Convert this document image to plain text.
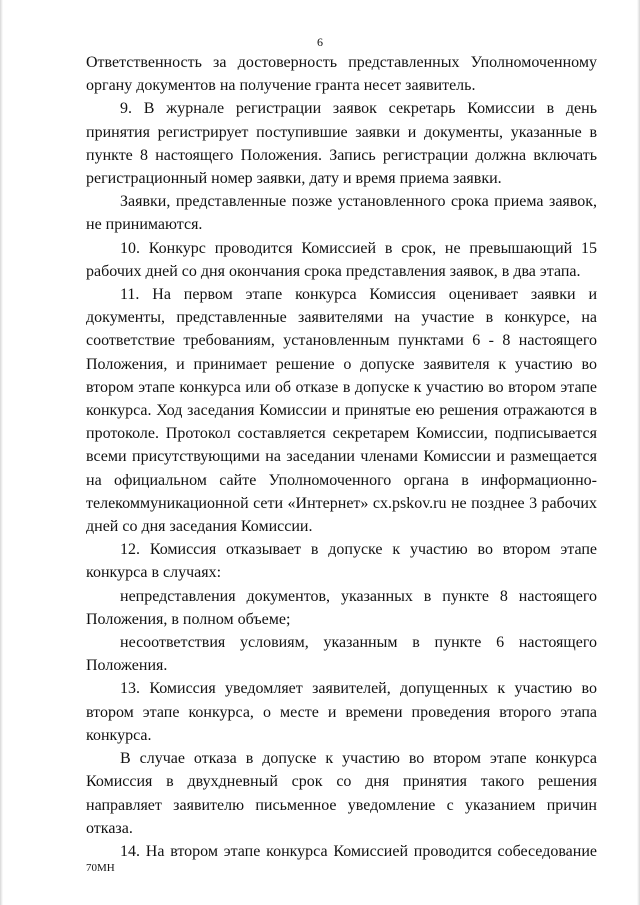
6

Ответственность за достоверность представленных Уполномоченному органу документов на получение гранта несет заявитель.

9. В журнале регистрации заявок секретарь Комиссии в день принятия регистрирует поступившие заявки и документы, указанные в пункте 8 настоящего Положения. Запись регистрации должна включать регистрационный номер заявки, дату и время приема заявки.

Заявки, представленные позже установленного срока приема заявок, не принимаются.

10. Конкурс проводится Комиссией в срок, не превышающий 15 рабочих дней со дня окончания срока представления заявок, в два этапа.

11. На первом этапе конкурса Комиссия оценивает заявки и документы, представленные заявителями на участие в конкурсе, на соответствие требованиям, установленным пунктами 6 - 8 настоящего Положения, и принимает решение о допуске заявителя к участию во втором этапе конкурса или об отказе в допуске к участию во втором этапе конкурса. Ход заседания Комиссии и принятые ею решения отражаются в протоколе. Протокол составляется секретарем Комиссии, подписывается всеми присутствующими на заседании членами Комиссии и размещается на официальном сайте Уполномоченного органа в информационно-телекоммуникационной сети «Интернет» cx.pskov.ru не позднее 3 рабочих дней со дня заседания Комиссии.

12. Комиссия отказывает в допуске к участию во втором этапе конкурса в случаях:

непредставления документов, указанных в пункте 8 настоящего Положения, в полном объеме;

несоответствия условиям, указанным в пункте 6 настоящего Положения.

13. Комиссия уведомляет заявителей, допущенных к участию во втором этапе конкурса, о месте и времени проведения второго этапа конкурса.

В случае отказа в допуске к участию во втором этапе конкурса Комиссия в двухдневный срок со дня принятия такого решения направляет заявителю письменное уведомление с указанием причин отказа.

14. На втором этапе конкурса Комиссией проводится собеседование

70МН
